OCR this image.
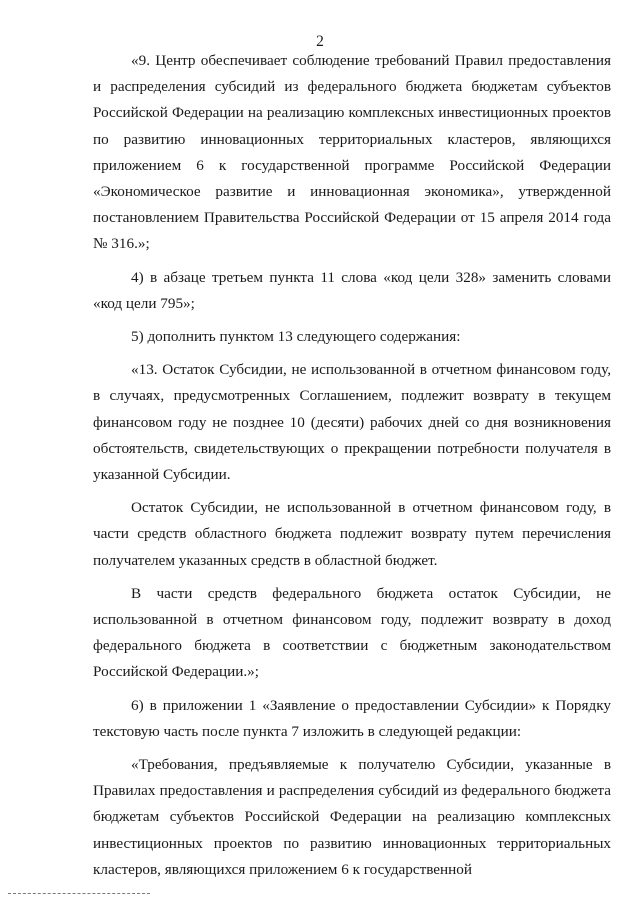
2

«9. Центр обеспечивает соблюдение требований Правил предоставления и распределения субсидий из федерального бюджета бюджетам субъектов Российской Федерации на реализацию комплексных инвестиционных проектов по развитию инновационных территориальных кластеров, являющихся приложением 6 к государственной программе Российской Федерации «Экономическое развитие и инновационная экономика», утвержденной постановлением Правительства Российской Федерации от 15 апреля 2014 года № 316.»;

4) в абзаце третьем пункта 11 слова «код цели 328» заменить словами «код цели 795»;

5) дополнить пунктом 13 следующего содержания:

«13. Остаток Субсидии, не использованной в отчетном финансовом году, в случаях, предусмотренных Соглашением, подлежит возврату в текущем финансовом году не позднее 10 (десяти) рабочих дней со дня возникновения обстоятельств, свидетельствующих о прекращении потребности получателя в указанной Субсидии.

Остаток Субсидии, не использованной в отчетном финансовом году, в части средств областного бюджета подлежит возврату путем перечисления получателем указанных средств в областной бюджет.

В части средств федерального бюджета остаток Субсидии, не использованной в отчетном финансовом году, подлежит возврату в доход федерального бюджета в соответствии с бюджетным законодательством Российской Федерации.»;

6) в приложении 1 «Заявление о предоставлении Субсидии» к Порядку текстовую часть после пункта 7 изложить в следующей редакции:

«Требования, предъявляемые к получателю Субсидии, указанные в Правилах предоставления и распределения субсидий из федерального бюджета бюджетам субъектов Российской Федерации на реализацию комплексных инвестиционных проектов по развитию инновационных территориальных кластеров, являющихся приложением 6 к государственной
